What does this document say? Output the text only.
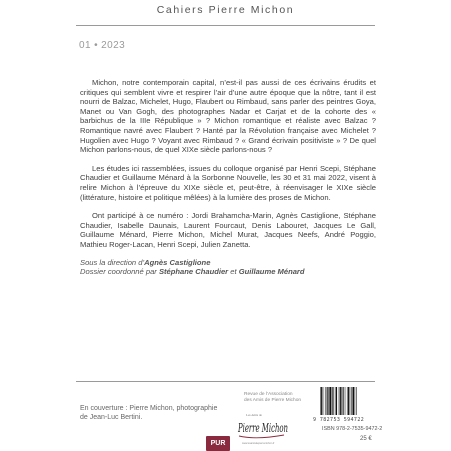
Cahiers Pierre Michon
01 • 2023

Michon, notre contemporain capital, n’est-il pas aussi de ces écrivains érudits et critiques qui semblent vivre et respirer l’air d’une autre époque que la nôtre, tant il est nourri de Balzac, Michelet, Hugo, Flaubert ou Rimbaud, sans parler des peintres Goya, Manet ou Van Gogh, des photographes Nadar et Carjat et de la cohorte des « barbichus de la IIIe République » ? Michon romantique et réaliste avec Balzac ? Romantique navré avec Flaubert ? Hanté par la Révolution française avec Michelet ? Hugolien avec Hugo ? Voyant avec Rimbaud ? « Grand écrivain positiviste » ? De quel Michon parlons-nous, de quel XIXe siècle parlons-nous ?

Les études ici rassemblées, issues du colloque organisé par Henri Scepi, Stéphane Chaudier et Guillaume Ménard à la Sorbonne Nouvelle, les 30 et 31 mai 2022, visent à relire Michon à l’épreuve du XIXe siècle et, peut-être, à réenvisager le XIXe siècle (littérature, histoire et politique mêlées) à la lumière des proses de Michon.

Ont participé à ce numéro : Jordi Brahamcha-Marin, Agnès Castiglione, Stéphane Chaudier, Isabelle Daunais, Laurent Fourcaut, Denis Labouret, Jacques Le Gall, Guillaume Ménard, Pierre Michon, Michel Murat, Jacques Neefs, André Poggio, Mathieu Roger-Lacan, Henri Scepi, Julien Zanetta.

Sous la direction d’Agnès Castiglione
Dossier coordonné par Stéphane Chaudier et Guillaume Ménard

En couverture : Pierre Michon, photographie
de Jean-Luc Bertini.
Revue de l’Association
des Amis de Pierre Michon
Les Amis de
Pierre Michon
www.lesamisdepierremichon.fr
PUR
9 782753 594722
ISBN 978-2-7535-9472-2
25 €
